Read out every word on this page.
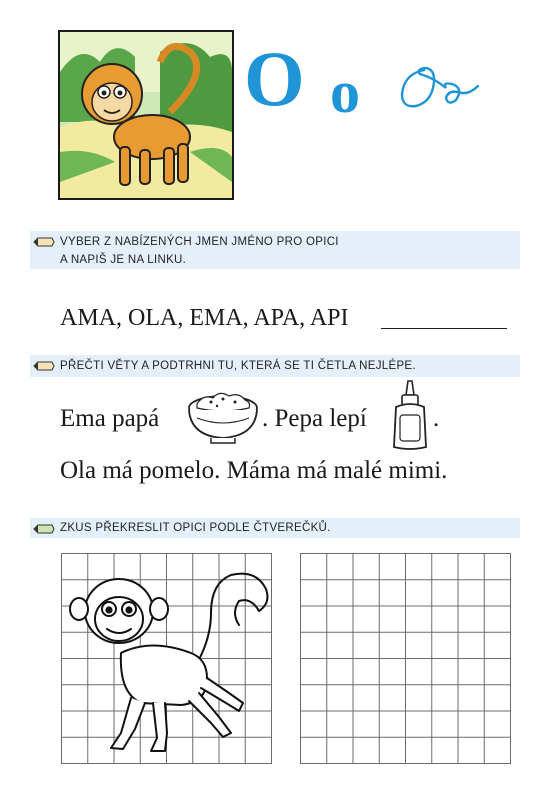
O o
VYBER Z NABÍZENÝCH JMEN JMÉNO PRO OPICI
A NAPIŠ JE NA LINKU.
AMA, OLA, EMA, APA, API
PŘEČTI VĚTY A PODTRHNI TU, KTERÁ SE TI ČETLA NEJLÉPE.
Ema papá	. Pepa lepí	.
Ola má pomelo. Máma má malé mimi.
ZKUS PŘEKRESLIT OPICI PODLE ČTVEREČKŮ.
